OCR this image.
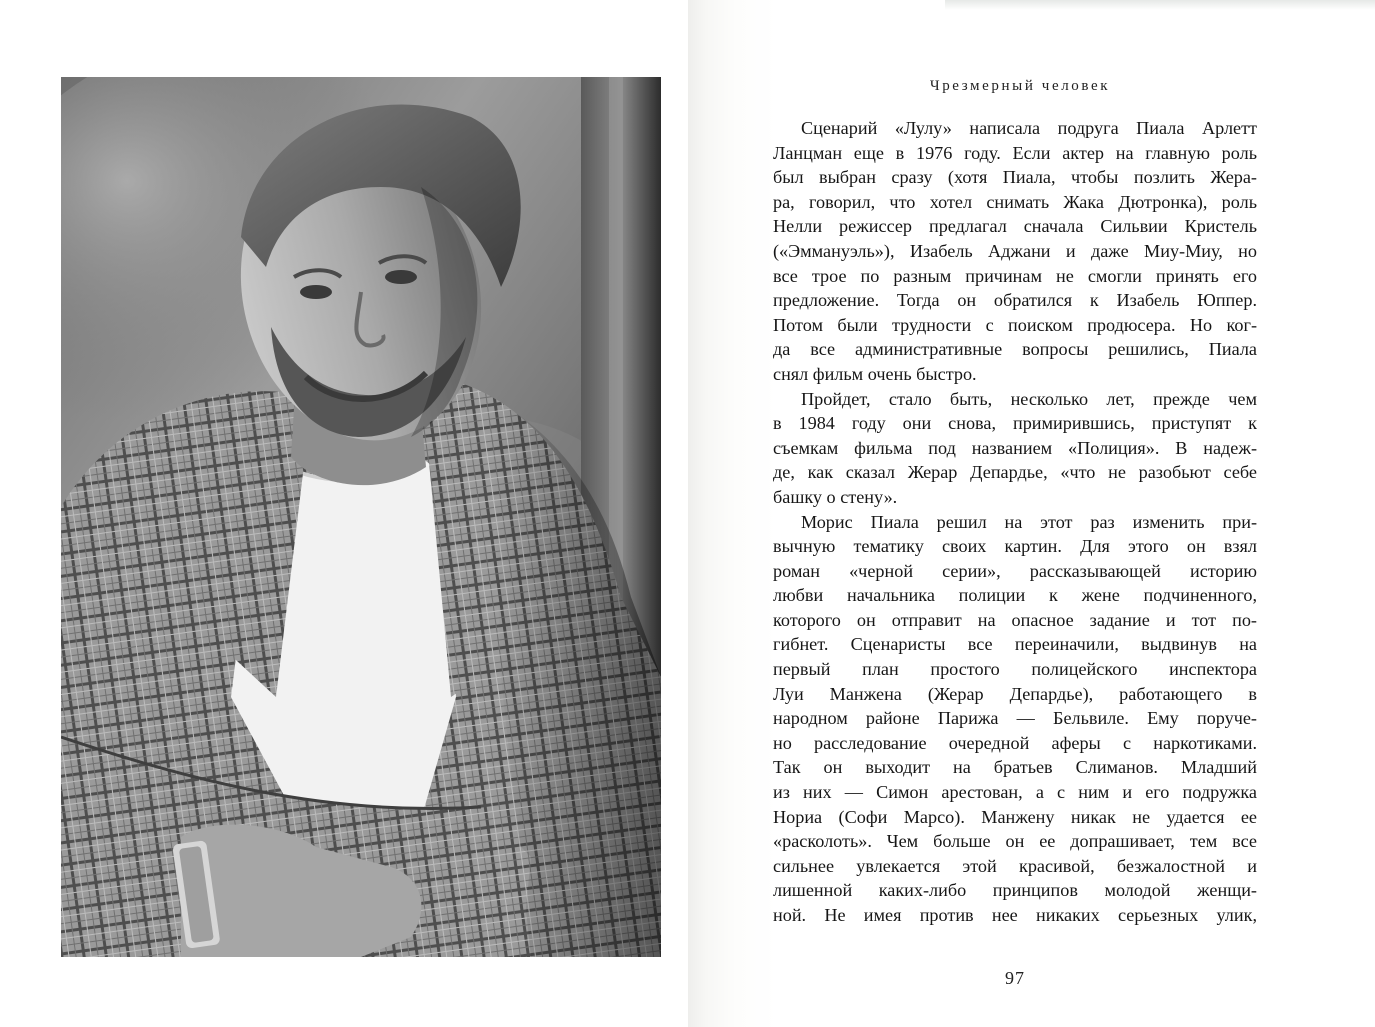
Чрезмерный человек
Сценарий «Лулу» написала подруга Пиала Арлетт
Ланцман еще в 1976 году. Если актер на главную роль
был выбран сразу (хотя Пиала, чтобы позлить Жера-
ра, говорил, что хотел снимать Жака Дютронка), роль
Нелли режиссер предлагал сначала Сильвии Кристель
(«Эммануэль»), Изабель Аджани и даже Миу-Миу, но
все трое по разным причинам не смогли принять его
предложение. Тогда он обратился к Изабель Юппер.
Потом были трудности с поиском продюсера. Но ког-
да все административные вопросы решились, Пиала
снял фильм очень быстро.
Пройдет, стало быть, несколько лет, прежде чем
в 1984 году они снова, примирившись, приступят к
съемкам фильма под названием «Полиция». В надеж-
де, как сказал Жерар Депардье, «что не разобьют себе
башку о стену».
Морис Пиала решил на этот раз изменить при-
вычную тематику своих картин. Для этого он взял
роман «черной серии», рассказывающей историю
любви начальника полиции к жене подчиненного,
которого он отправит на опасное задание и тот по-
гибнет. Сценаристы все переиначили, выдвинув на
первый план простого полицейского инспектора
Луи Манжена (Жерар Депардье), работающего в
народном районе Парижа — Бельвиле. Ему поруче-
но расследование очередной аферы с наркотиками.
Так он выходит на братьев Слиманов. Младший
из них — Симон арестован, а с ним и его подружка
Нориа (Софи Марсо). Манжену никак не удается ее
«расколоть». Чем больше он ее допрашивает, тем все
сильнее увлекается этой красивой, безжалостной и
лишенной каких-либо принципов молодой женщи-
ной. Не имея против нее никаких серьезных улик,
97
